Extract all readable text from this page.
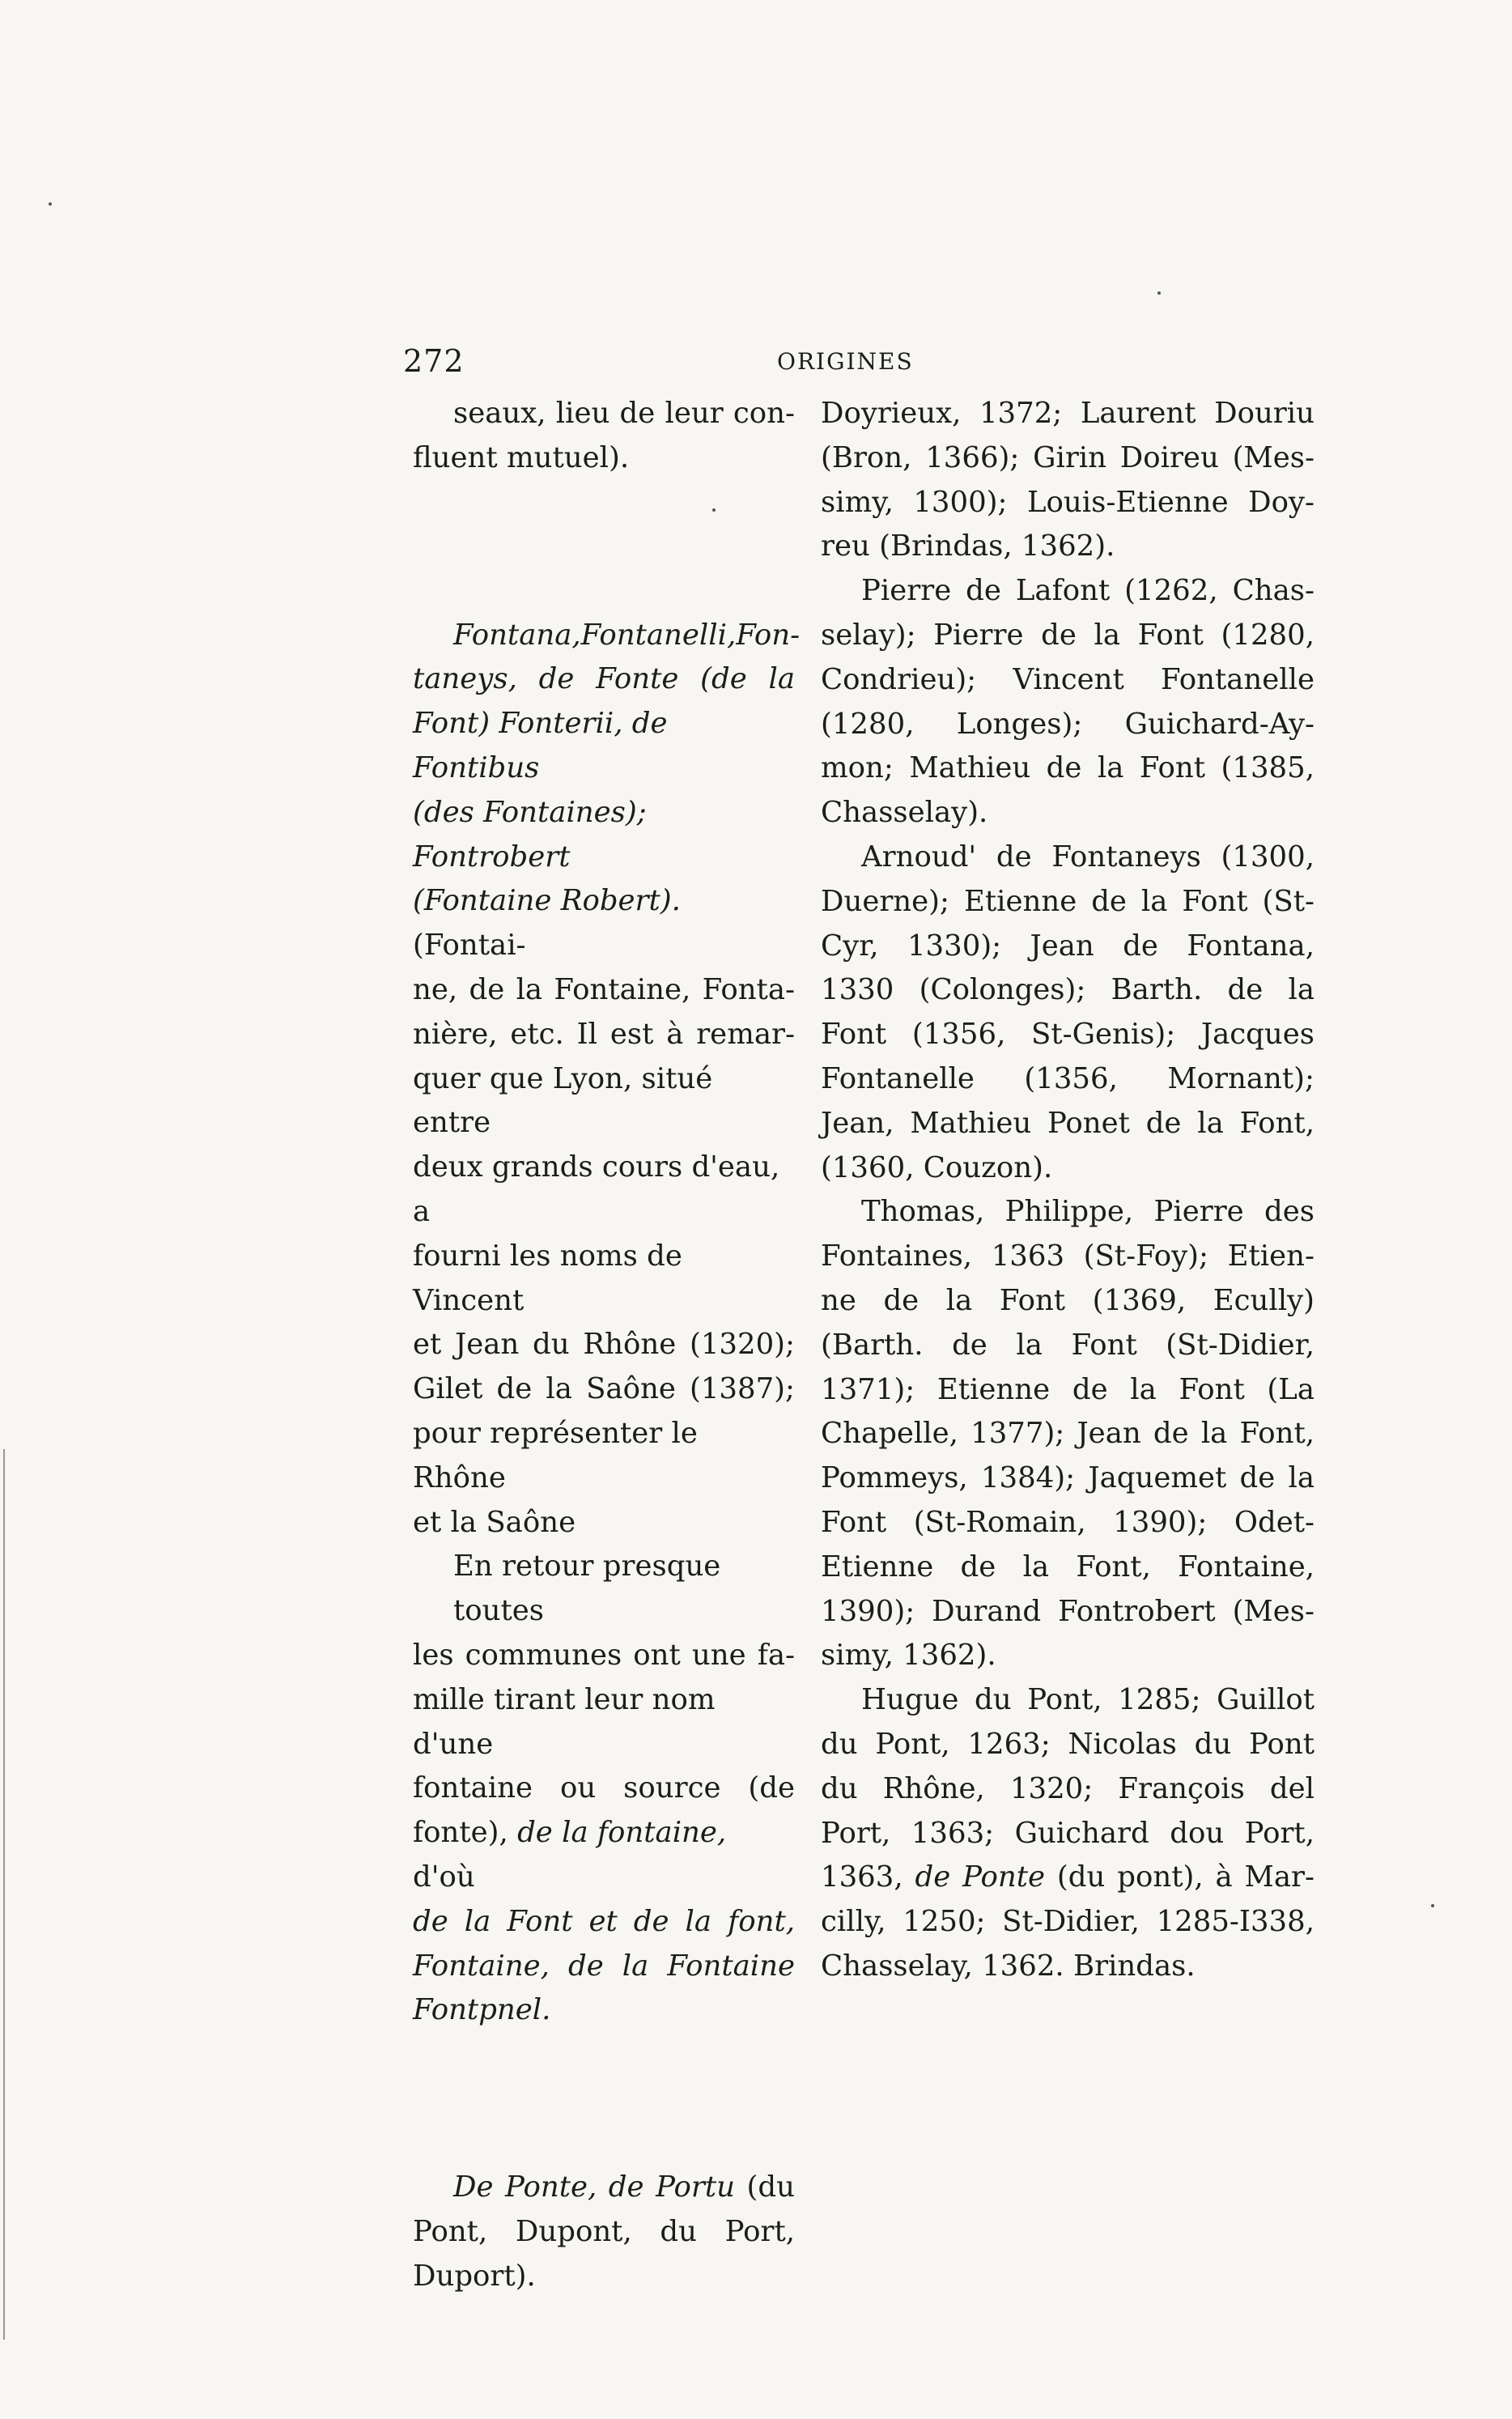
272	ORIGINES

seaux, lieu de leur con-
fluent mutuel).

Fontana,Fontanelli,Fon-
taneys, de Fonte (de la
Font) Fonterii, de Fontibus
(des Fontaines); Fontrobert
(Fontaine Robert). (Fontai-
ne, de la Fontaine, Fonta-
nière, etc. Il est à remar-
quer que Lyon, situé entre
deux grands cours d'eau, a
fourni les noms de Vincent
et Jean du Rhône (1320);
Gilet de la Saône (1387);
pour représenter le Rhône
et la Saône

En retour presque toutes
les communes ont une fa-
mille tirant leur nom d'une
fontaine ou source (de
fonte), de la fontaine, d'où
de la Font et de la font,
Fontaine, de la Fontaine
Fontpnel.

De Ponte, de Portu (du
Pont, Dupont, du Port,
Duport).

Doyrieux, 1372; Laurent Douriu
(Bron, 1366); Girin Doireu (Mes-
simy, 1300); Louis-Etienne Doy-
reu (Brindas, 1362).

Pierre de Lafont (1262, Chas-
selay); Pierre de la Font (1280,
Condrieu); Vincent Fontanelle
(1280, Longes); Guichard-Ay-
mon; Mathieu de la Font (1385,
Chasselay).

Arnoud' de Fontaneys (1300,
Duerne); Etienne de la Font (St-
Cyr, 1330); Jean de Fontana,
1330 (Colonges); Barth. de la
Font (1356, St-Genis); Jacques
Fontanelle (1356, Mornant);
Jean, Mathieu Ponet de la Font,
(1360, Couzon).

Thomas, Philippe, Pierre des
Fontaines, 1363 (St-Foy); Etien-
ne de la Font (1369, Ecully)
(Barth. de la Font (St-Didier,
1371); Etienne de la Font (La
Chapelle, 1377); Jean de la Font,
Pommeys, 1384); Jaquemet de la
Font (St-Romain, 1390); Odet-
Etienne de la Font, Fontaine,
1390); Durand Fontrobert (Mes-
simy, 1362).

Hugue du Pont, 1285; Guillot
du Pont, 1263; Nicolas du Pont
du Rhône, 1320; François del
Port, 1363; Guichard dou Port,
1363, de Ponte (du pont), à Mar-
cilly, 1250; St-Didier, 1285-I338,
Chasselay, 1362. Brindas.
